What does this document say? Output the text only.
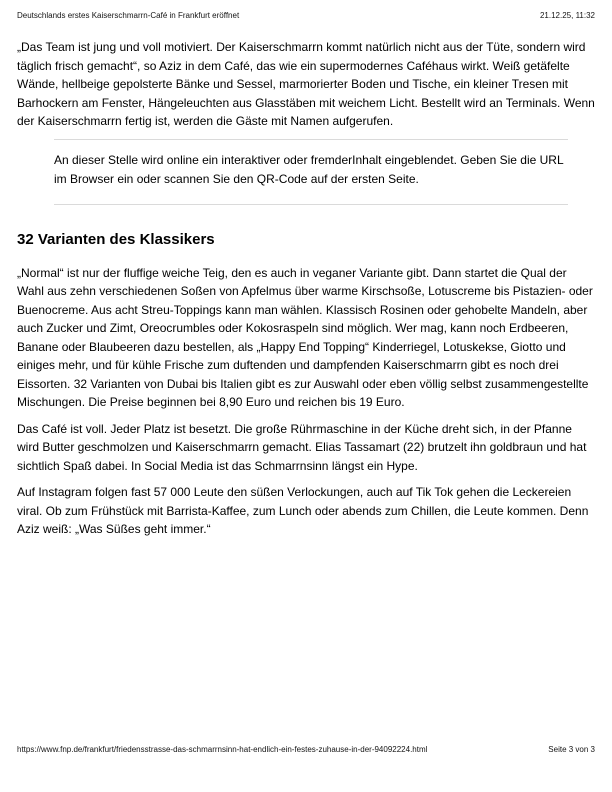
Deutschlands erstes Kaiserschmarrn-Café in Frankfurt eröffnet	21.12.25, 11:32

„Das Team ist jung und voll motiviert. Der Kaiserschmarrn kommt natürlich nicht aus der Tüte, sondern wird täglich frisch gemacht“, so Aziz in dem Café, das wie ein supermodernes Caféhaus wirkt. Weiß getäfelte Wände, hellbeige gepolsterte Bänke und Sessel, marmorierter Boden und Tische, ein kleiner Tresen mit Barhockern am Fenster, Hängeleuchten aus Glasstäben mit weichem Licht. Bestellt wird an Terminals. Wenn der Kaiserschmarrn fertig ist, werden die Gäste mit Namen aufgerufen.

An dieser Stelle wird online ein interaktiver oder fremderInhalt eingeblendet. Geben Sie die URL im Browser ein oder scannen Sie den QR-Code auf der ersten Seite.

32 Varianten des Klassikers

„Normal“ ist nur der fluffige weiche Teig, den es auch in veganer Variante gibt. Dann startet die Qual der Wahl aus zehn verschiedenen Soßen von Apfelmus über warme Kirschsoße, Lotuscreme bis Pistazien- oder Buenocreme. Aus acht Streu-Toppings kann man wählen. Klassisch Rosinen oder gehobelte Mandeln, aber auch Zucker und Zimt, Oreocrumbles oder Kokosraspeln sind möglich. Wer mag, kann noch Erdbeeren, Banane oder Blaubeeren dazu bestellen, als „Happy End Topping“ Kinderriegel, Lotuskekse, Giotto und einiges mehr, und für kühle Frische zum duftenden und dampfenden Kaiserschmarrn gibt es noch drei Eissorten. 32 Varianten von Dubai bis Italien gibt es zur Auswahl oder eben völlig selbst zusammengestellte Mischungen. Die Preise beginnen bei 8,90 Euro und reichen bis 19 Euro.

Das Café ist voll. Jeder Platz ist besetzt. Die große Rührmaschine in der Küche dreht sich, in der Pfanne wird Butter geschmolzen und Kaiserschmarrn gemacht. Elias Tassamart (22) brutzelt ihn goldbraun und hat sichtlich Spaß dabei. In Social Media ist das Schmarrnsinn längst ein Hype.

Auf Instagram folgen fast 57 000 Leute den süßen Verlockungen, auch auf Tik Tok gehen die Leckereien viral. Ob zum Frühstück mit Barrista-Kaffee, zum Lunch oder abends zum Chillen, die Leute kommen. Denn Aziz weiß: „Was Süßes geht immer.“

https://www.fnp.de/frankfurt/friedensstrasse-das-schmarrnsinn-hat-endlich-ein-festes-zuhause-in-der-94092224.html	Seite 3 von 3
